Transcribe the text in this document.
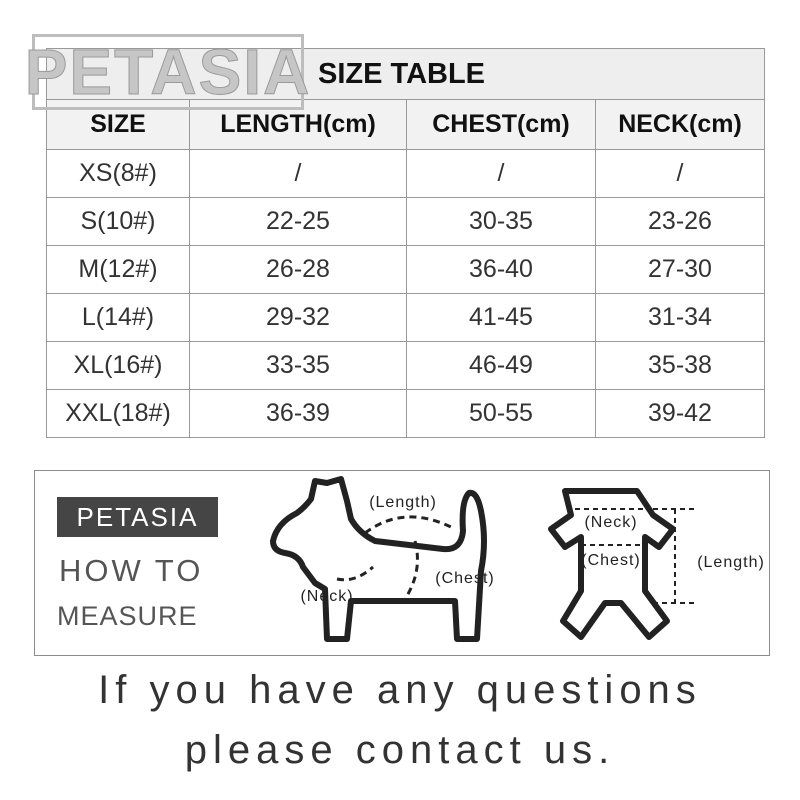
PETASIA SIZE TABLE			
SIZE	LENGTH(cm)	CHEST(cm)	NECK(cm)
XS(8#)	/	/	/
S(10#)	22-25	30-35	23-26
M(12#)	26-28	36-40	27-30
L(14#)	29-32	41-45	31-34
XL(16#)	33-35	46-49	35-38
XXL(18#)	36-39	50-55	39-42
PETASIA
HOW TO
MEASURE
(Length)
(Chest)
(Neck)
(Neck)
(Chest)	(Length)
If you have any questions
please contact us.
